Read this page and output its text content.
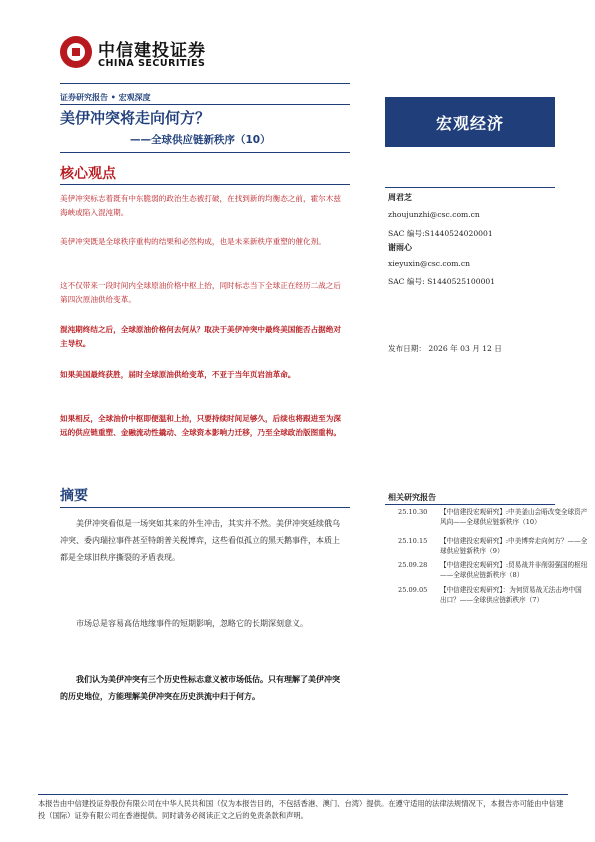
中信建投证券
CHINA SECURITIES
证券研究报告 • 宏观深度
美伊冲突将走向何方？
——全球供应链新秩序（10）
宏观经济
核心观点
美伊冲突标志着既有中东脆弱的政治生态被打破，在找到新的均衡态之前，霍尔木兹海峡或陷入混沌期。
美伊冲突既是全球秩序重构的结果和必然构成，也是未来新秩序重塑的催化剂。
这不仅带来一段时间内全球原油价格中枢上抬，同时标志当下全球正在经历二战之后第四次原油供给变革。
混沌期终结之后，全球原油价格何去何从？取决于美伊冲突中最终美国能否占据绝对主导权。
如果美国最终获胜，届时全球原油供给变革，不亚于当年页岩油革命。
如果相反，全球油价中枢即便温和上抬，只要持续时间足够久，后续也将跟进至为深远的供应链重塑、金融流动性撬动、全球资本影响力迁移，乃至全球政治版图重构。
摘要
美伊冲突看似是一场突如其来的外生冲击，其实并不然。美伊冲突延续俄乌冲突、委内瑞拉事件甚至特朗普关税博弈，这些看似孤立的黑天鹅事件，本质上都是全球旧秩序撕裂的矛盾表现。
市场总是容易高估地缘事件的短期影响，忽略它的长期深刻意义。
我们认为美伊冲突有三个历史性标志意义被市场低估。只有理解了美伊冲突的历史地位，方能理解美伊冲突在历史洪流中归于何方。
周君芝
zhoujunzhi@csc.com.cn
SAC 编号:S1440524020001
谢雨心
xieyuxin@csc.com.cn
SAC 编号: S1440525100001
发布日期： 2026 年 03 月 12 日
相关研究报告
25.10.30	【中信建投宏观研究】:中美釜山会晤改变全球资产风向——全球供应链新秩序（10）
25.10.15	【中信建投宏观研究】:中美博弈走向何方？——全球供应链新秩序（9）
25.09.28	【中信建投宏观研究】:贸易战并非削弱强国的枢纽——全球供应链新秩序（8）
25.09.05	【中信建投宏观研究】：为何贸易战无法击垮中国出口？——全球供应链新秩序（7）
本报告由中信建投证券股份有限公司在中华人民共和国（仅为本报告目的，不包括香港、澳门、台湾）提供。在遵守适用的法律法规情况下，本报告亦可能由中信建投（国际）证券有限公司在香港提供。同时请务必阅读正文之后的免责条款和声明。
